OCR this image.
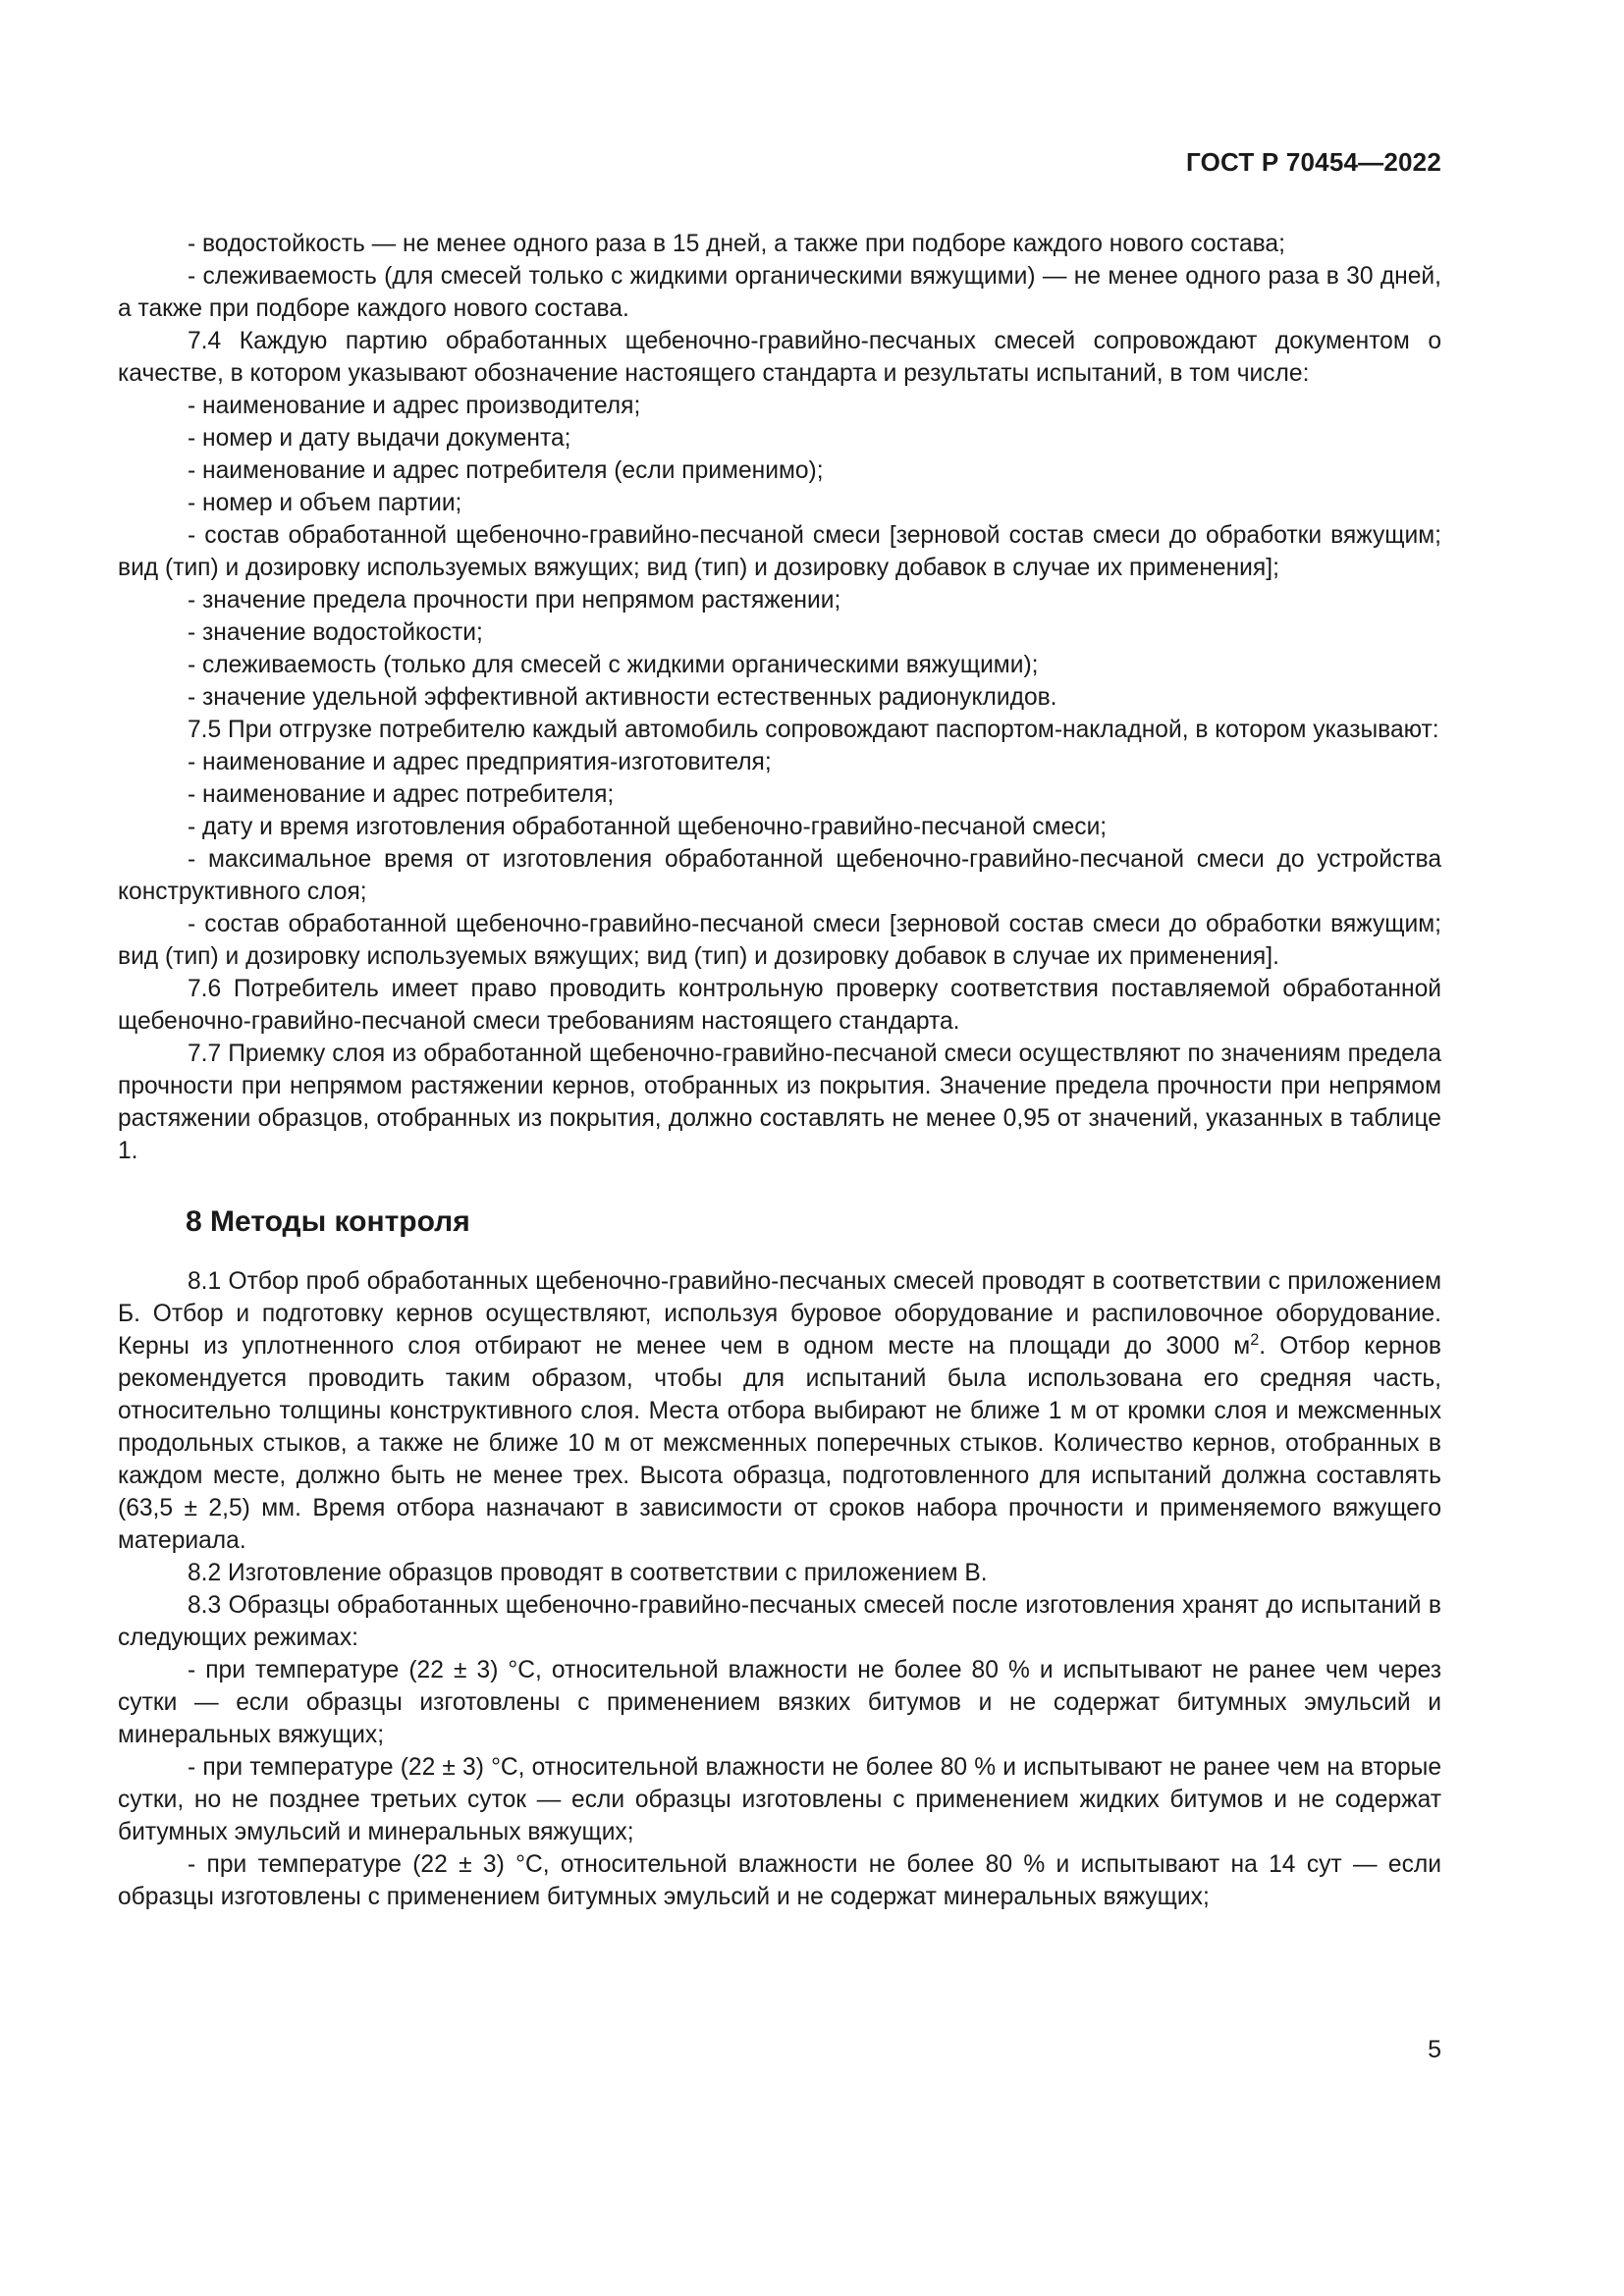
ГОСТ Р 70454—2022

- водостойкость — не менее одного раза в 15 дней, а также при подборе каждого нового состава;

- слеживаемость (для смесей только с жидкими органическими вяжущими) — не менее одного раза в 30 дней, а также при подборе каждого нового состава.

7.4 Каждую партию обработанных щебеночно-гравийно-песчаных смесей сопровождают документом о качестве, в котором указывают обозначение настоящего стандарта и результаты испытаний, в том числе:

- наименование и адрес производителя;

- номер и дату выдачи документа;

- наименование и адрес потребителя (если применимо);

- номер и объем партии;

- состав обработанной щебеночно-гравийно-песчаной смеси [зерновой состав смеси до обработки вяжущим; вид (тип) и дозировку используемых вяжущих; вид (тип) и дозировку добавок в случае их применения];

- значение предела прочности при непрямом растяжении;

- значение водостойкости;

- слеживаемость (только для смесей с жидкими органическими вяжущими);

- значение удельной эффективной активности естественных радионуклидов.

7.5 При отгрузке потребителю каждый автомобиль сопровождают паспортом-накладной, в котором указывают:

- наименование и адрес предприятия-изготовителя;

- наименование и адрес потребителя;

- дату и время изготовления обработанной щебеночно-гравийно-песчаной смеси;

- максимальное время от изготовления обработанной щебеночно-гравийно-песчаной смеси до устройства конструктивного слоя;

- состав обработанной щебеночно-гравийно-песчаной смеси [зерновой состав смеси до обработки вяжущим; вид (тип) и дозировку используемых вяжущих; вид (тип) и дозировку добавок в случае их применения].

7.6 Потребитель имеет право проводить контрольную проверку соответствия поставляемой обработанной щебеночно-гравийно-песчаной смеси требованиям настоящего стандарта.

7.7 Приемку слоя из обработанной щебеночно-гравийно-песчаной смеси осуществляют по значениям предела прочности при непрямом растяжении кернов, отобранных из покрытия. Значение предела прочности при непрямом растяжении образцов, отобранных из покрытия, должно составлять не менее 0,95 от значений, указанных в таблице 1.

8 Методы контроля

8.1 Отбор проб обработанных щебеночно-гравийно-песчаных смесей проводят в соответствии с приложением Б. Отбор и подготовку кернов осуществляют, используя буровое оборудование и распиловочное оборудование. Керны из уплотненного слоя отбирают не менее чем в одном месте на площади до 3000 $м^2$. Отбор кернов рекомендуется проводить таким образом, чтобы для испытаний была использована его средняя часть, относительно толщины конструктивного слоя. Места отбора выбирают не ближе 1 м от кромки слоя и межсменных продольных стыков, а также не ближе 10 м от межсменных поперечных стыков. Количество кернов, отобранных в каждом месте, должно быть не менее трех. Высота образца, подготовленного для испытаний должна составлять (63,5 ± 2,5) мм. Время отбора назначают в зависимости от сроков набора прочности и применяемого вяжущего материала.

8.2 Изготовление образцов проводят в соответствии с приложением В.

8.3 Образцы обработанных щебеночно-гравийно-песчаных смесей после изготовления хранят до испытаний в следующих режимах:

- при температуре (22 ± 3) °С, относительной влажности не более 80 % и испытывают не ранее чем через сутки — если образцы изготовлены с применением вязких битумов и не содержат битумных эмульсий и минеральных вяжущих;

- при температуре (22 ± 3) °С, относительной влажности не более 80 % и испытывают не ранее чем на вторые сутки, но не позднее третьих суток — если образцы изготовлены с применением жидких битумов и не содержат битумных эмульсий и минеральных вяжущих;

- при температуре (22 ± 3) °С, относительной влажности не более 80 % и испытывают на 14 сут — если образцы изготовлены с применением битумных эмульсий и не содержат минеральных вяжущих;

5
